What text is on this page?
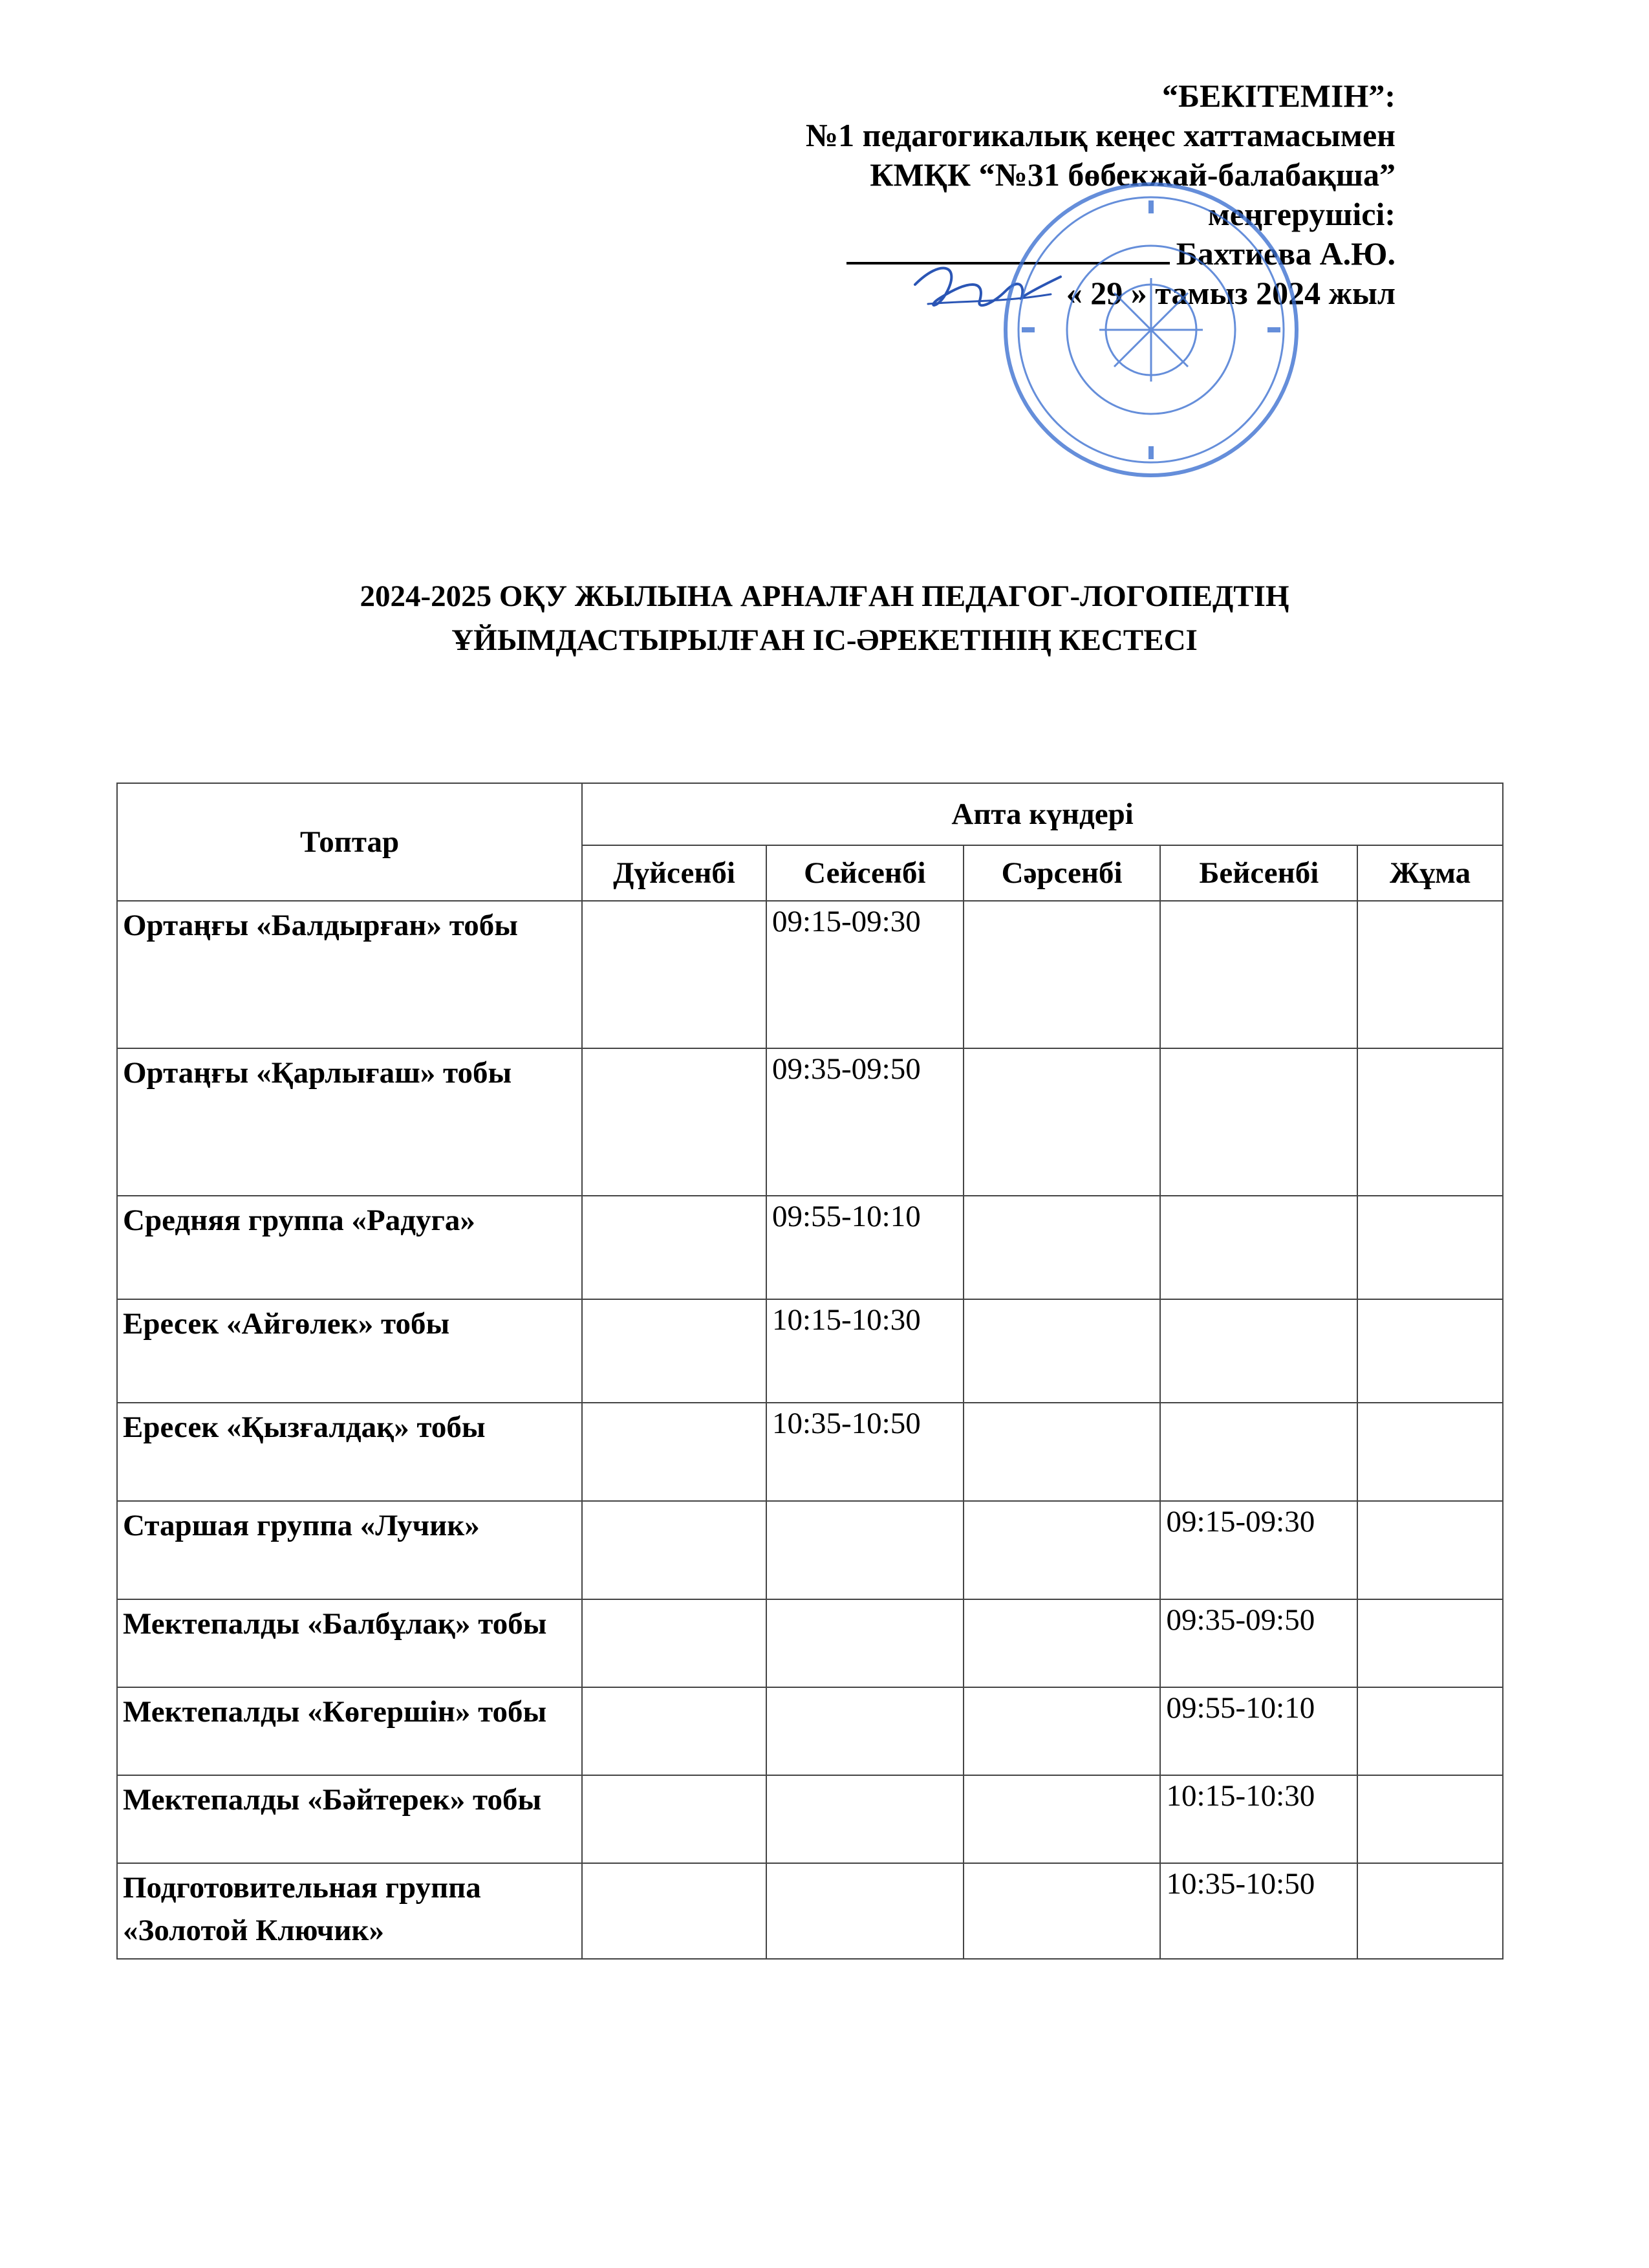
“БЕКІТЕМІН”:
№1 педагогикалық кеңес хаттамасымен
КМҚК “№31 бөбекжай-балабақша”
меңгерушісі:
Бахтиева А.Ю.
« 29 » тамыз 2024 жыл
2024-2025 ОҚУ ЖЫЛЫНА АРНАЛҒАН ПЕДАГОГ-ЛОГОПЕДТІҢ
ҰЙЫМДАСТЫРЫЛҒАН ІС-ӘРЕКЕТІНІҢ КЕСТЕСІ
Топтар	Апта күндері				
	Дүйсенбі	Сейсенбі	Сәрсенбі	Бейсенбі	Жұма
Ортаңғы «Балдырған» тобы		09:15-09:30			
Ортаңғы «Қарлығаш» тобы		09:35-09:50			
Средняя группа «Радуга»		09:55-10:10			
Ересек «Айгөлек» тобы		10:15-10:30			
Ересек «Қызғалдақ» тобы		10:35-10:50			
Старшая группа «Лучик»				09:15-09:30	
Мектепалды «Балбұлақ» тобы				09:35-09:50	
Мектепалды «Көгершін» тобы				09:55-10:10	
Мектепалды «Бәйтерек» тобы				10:15-10:30	
Подготовительная группа «Золотой Ключик»				10:35-10:50	
